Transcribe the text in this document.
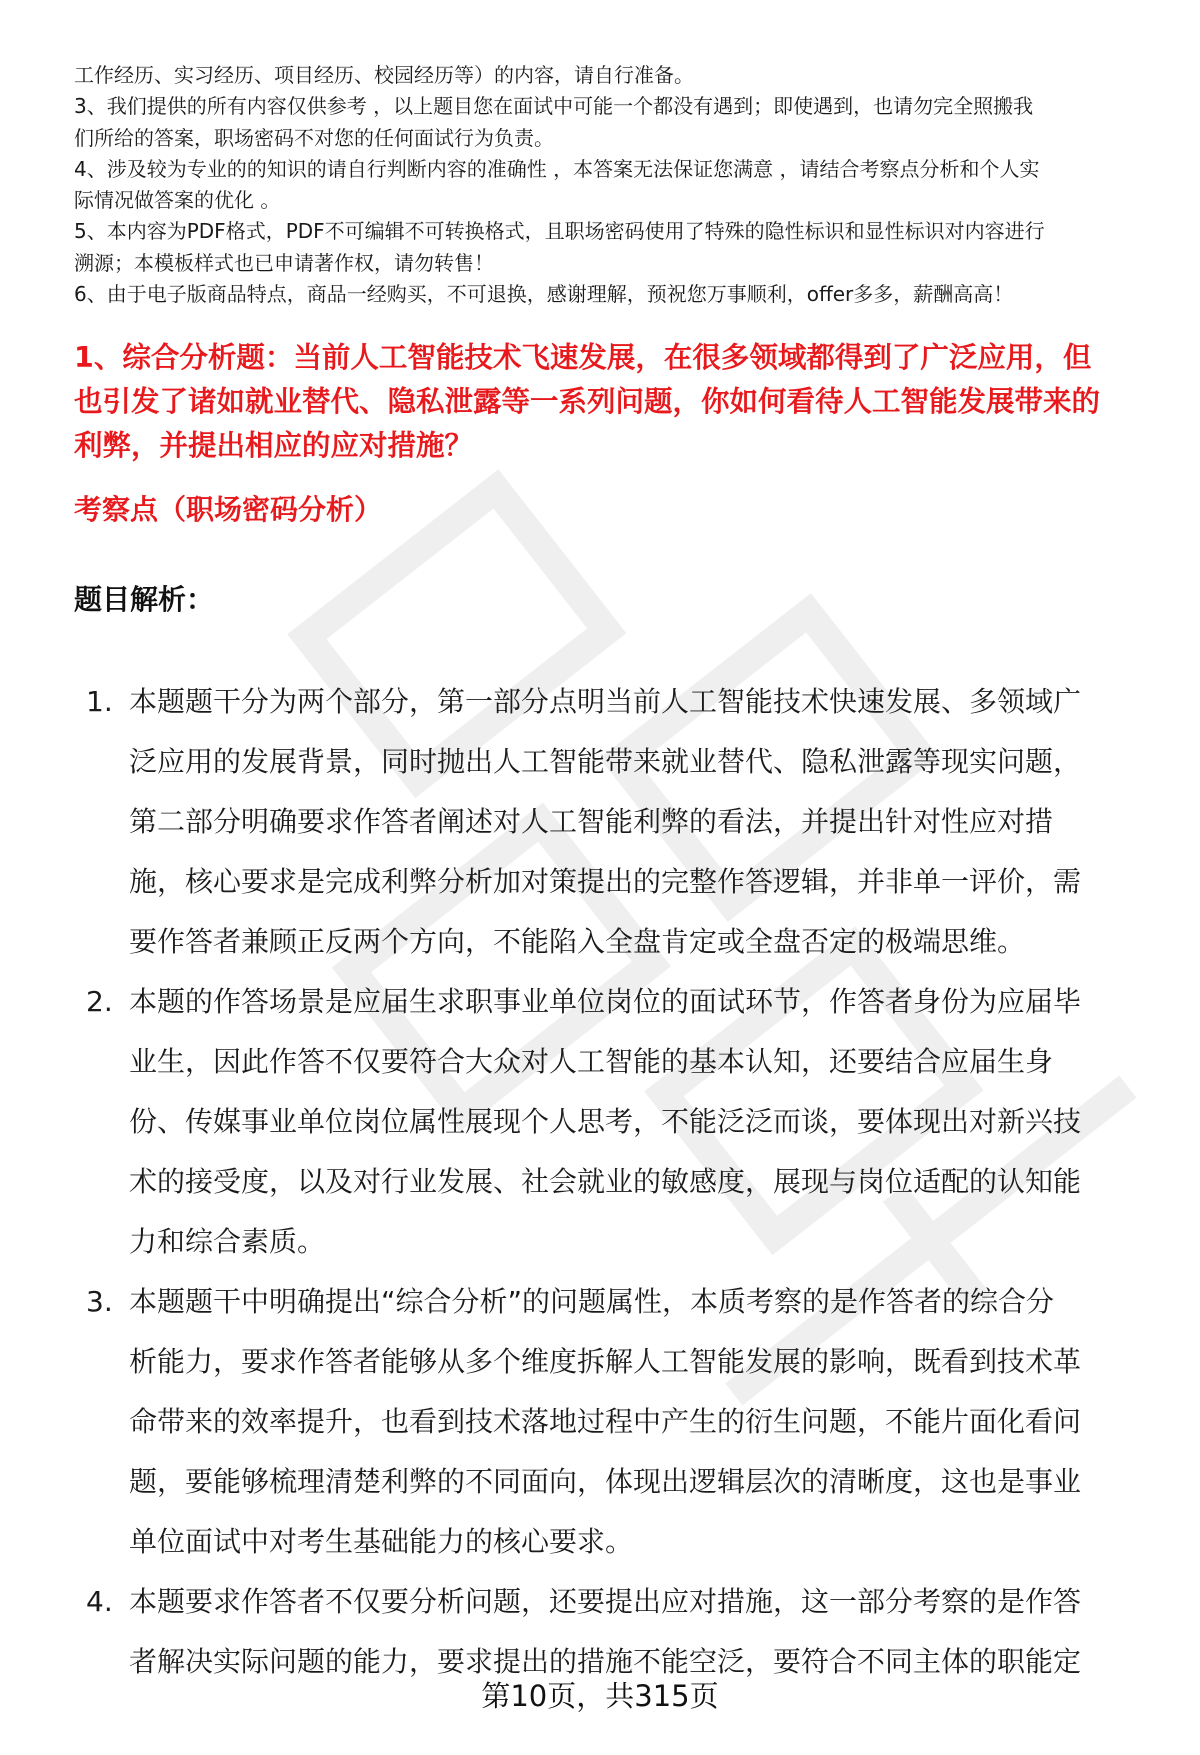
工作经历、实习经历、项目经历、校园经历等）的内容，请自行准备。

3、我们提供的所有内容仅供参考 ，以上题目您在面试中可能一个都没有遇到；即使遇到，也请勿完全照搬我

们所给的答案，职场密码不对您的任何面试行为负责。

4、涉及较为专业的的知识的请自行判断内容的准确性 ，本答案无法保证您满意 ，请结合考察点分析和个人实

际情况做答案的优化 。

5、本内容为PDF格式，PDF不可编辑不可转换格式，且职场密码使用了特殊的隐性标识和显性标识对内容进行

溯源；本模板样式也已申请著作权，请勿转售！

6、由于电子版商品特点，商品一经购买，不可退换，感谢理解，预祝您万事顺利，offer多多，薪酬高高！

1、综合分析题：当前人工智能技术飞速发展，在很多领域都得到了广泛应用，但
也引发了诸如就业替代、隐私泄露等一系列问题，你如何看待人工智能发展带来的
利弊，并提出相应的应对措施？
考察点（职场密码分析）
题目解析：
1. 本题题干分为两个部分，第一部分点明当前人工智能技术快速发展、多领域广
泛应用的发展背景，同时抛出人工智能带来就业替代、隐私泄露等现实问题，
第二部分明确要求作答者阐述对人工智能利弊的看法，并提出针对性应对措
施，核心要求是完成利弊分析加对策提出的完整作答逻辑，并非单一评价，需
要作答者兼顾正反两个方向，不能陷入全盘肯定或全盘否定的极端思维。
2. 本题的作答场景是应届生求职事业单位岗位的面试环节，作答者身份为应届毕
业生，因此作答不仅要符合大众对人工智能的基本认知，还要结合应届生身
份、传媒事业单位岗位属性展现个人思考，不能泛泛而谈，要体现出对新兴技
术的接受度，以及对行业发展、社会就业的敏感度，展现与岗位适配的认知能
力和综合素质。
3. 本题题干中明确提出“综合分析”的问题属性，本质考察的是作答者的综合分
析能力，要求作答者能够从多个维度拆解人工智能发展的影响，既看到技术革
命带来的效率提升，也看到技术落地过程中产生的衍生问题，不能片面化看问
题，要能够梳理清楚利弊的不同面向，体现出逻辑层次的清晰度，这也是事业
单位面试中对考生基础能力的核心要求。
4. 本题要求作答者不仅要分析问题，还要提出应对措施，这一部分考察的是作答
者解决实际问题的能力，要求提出的措施不能空泛，要符合不同主体的职能定
第10页，共315页
